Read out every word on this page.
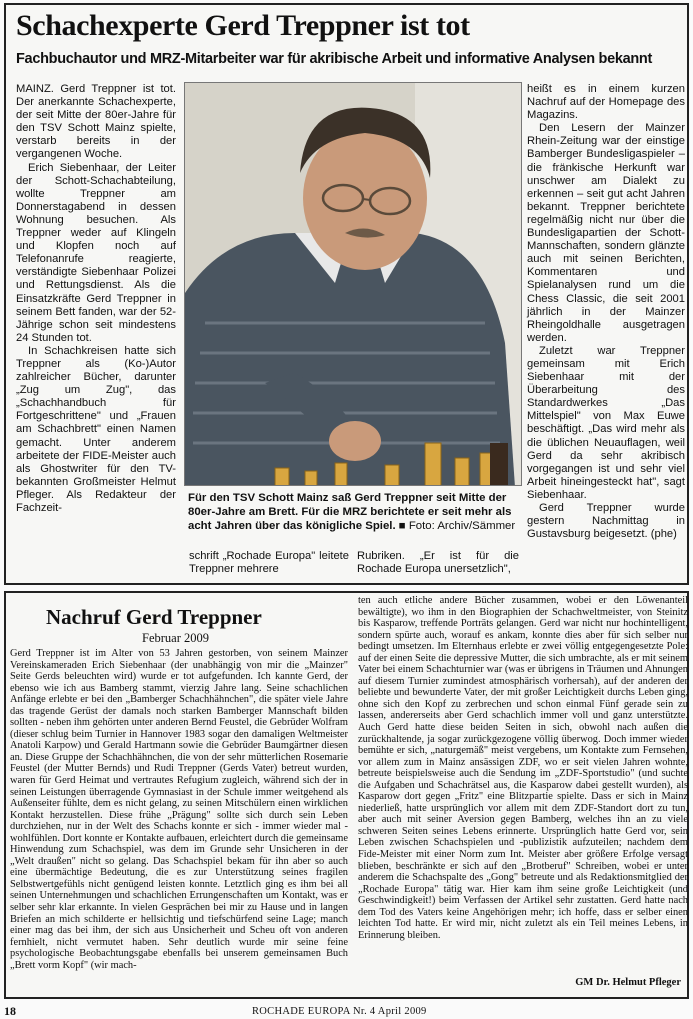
Schachexperte Gerd Treppner ist tot
Fachbuchautor und MRZ-Mitarbeiter war für akribische Arbeit und informative Analysen bekannt

MAINZ. Gerd Treppner ist tot. Der anerkannte Schachexperte, der seit Mitte der 80er-Jahre für den TSV Schott Mainz spielte, verstarb bereits in der vergangenen Woche.

Erich Siebenhaar, der Leiter der Schott-Schachabteilung, wollte Treppner am Donnerstagabend in dessen Wohnung besuchen. Als Treppner weder auf Klingeln und Klopfen noch auf Telefonanrufe reagierte, verständigte Siebenhaar Polizei und Rettungsdienst. Als die Einsatzkräfte Gerd Treppner in seinem Bett fanden, war der 52-Jährige schon seit mindestens 24 Stunden tot.

In Schachkreisen hatte sich Treppner als (Ko-)Autor zahlreicher Bücher, darunter „Zug um Zug", das „Schachhandbuch für Fortgeschrittene" und „Frauen am Schachbrett" einen Namen gemacht. Unter anderem arbeitete der FIDE-Meister auch als Ghostwriter für den TV-bekannten Großmeister Helmut Pfleger. Als Redakteur der Fachzeit-

Für den TSV Schott Mainz saß Gerd Treppner seit Mitte der 80er-Jahre am Brett. Für die MRZ berichtete er seit mehr als acht Jahren über das königliche Spiel. ■ Foto: Archiv/Sämmer
schrift „Rochade Europa" leitete Treppner mehrere
Rubriken. „Er ist für die Rochade Europa unersetzlich",

heißt es in einem kurzen Nachruf auf der Homepage des Magazins.

Den Lesern der Mainzer Rhein-Zeitung war der einstige Bamberger Bundesligaspieler – die fränkische Herkunft war unschwer am Dialekt zu erkennen – seit gut acht Jahren bekannt. Treppner berichtete regelmäßig nicht nur über die Bundesligapartien der Schott-Mannschaften, sondern glänzte auch mit seinen Berichten, Kommentaren und Spielanalysen rund um die Chess Classic, die seit 2001 jährlich in der Mainzer Rheingoldhalle ausgetragen werden.

Zuletzt war Treppner gemeinsam mit Erich Siebenhaar mit der Überarbeitung des Standardwerkes „Das Mittelspiel" von Max Euwe beschäftigt. „Das wird mehr als die üblichen Neuauflagen, weil Gerd da sehr akribisch vorgegangen ist und sehr viel Arbeit hineingesteckt hat", sagt Siebenhaar.

Gerd Treppner wurde gestern Nachmittag in Gustavsburg beigesetzt. (phe)

Nachruf Gerd Treppner
Februar 2009
Gerd Treppner ist im Alter von 53 Jahren gestorben, von seinem Mainzer Vereinskameraden Erich Siebenhaar (der unabhängig von mir die „Mainzer" Seite Gerds beleuchten wird) wurde er tot aufgefunden. Ich kannte Gerd, der ebenso wie ich aus Bamberg stammt, vierzig Jahre lang. Seine schachlichen Anfänge erlebte er bei den „Bamberger Schachhähnchen", die später viele Jahre das tragende Gerüst der damals noch starken Bamberger Mannschaft bilden sollten - neben ihm gehörten unter anderen Bernd Feustel, die Gebrüder Wolfram (dieser schlug beim Turnier in Hannover 1983 sogar den damaligen Weltmeister Anatoli Karpow) und Gerald Hartmann sowie die Gebrüder Baumgärtner diesen an. Diese Gruppe der Schachhähnchen, die von der sehr mütterlichen Rosemarie Feustel (der Mutter Bernds) und Rudi Treppner (Gerds Vater) betreut wurden, waren für Gerd Heimat und vertrautes Refugium zugleich, während sich der in seinen Leistungen überragende Gymnasiast in der Schule immer weitgehend als Außenseiter fühlte, dem es nicht gelang, zu seinen Mitschülern einen wirklichen Kontakt herzustellen. Diese frühe „Prägung" sollte sich durch sein Leben durchziehen, nur in der Welt des Schachs konnte er sich - immer wieder mal - wohlfühlen. Dort konnte er Kontakte aufbauen, erleichtert durch die gemeinsame Hinwendung zum Schachspiel, was dem im Grunde sehr Unsicheren in der „Welt draußen" nicht so gelang. Das Schachspiel bekam für ihn aber so auch eine übermächtige Bedeutung, die es zur Unterstützung seines fragilen Selbstwertgefühls nicht genügend leisten konnte. Letztlich ging es ihm bei all seinen Unternehmungen und schachlichen Errungenschaften um Kontakt, was er selber sehr klar erkannte. In vielen Gesprächen bei mir zu Hause und in langen Briefen an mich schilderte er hellsichtig und tiefschürfend seine Lage; manch einer mag das bei ihm, der sich aus Unsicherheit und Scheu oft von anderen fernhielt, nicht vermutet haben. Sehr deutlich wurde mir seine feine psychologische Beobachtungsgabe ebenfalls bei unserem gemeinsamen Buch „Brett vorm Kopf" (wir mach-
ten auch etliche andere Bücher zusammen, wobei er den Löwenanteil bewältigte), wo ihm in den Biographien der Schachweltmeister, von Steinitz bis Kasparow, treffende Porträts gelangen. Gerd war nicht nur hochintelligent, sondern spürte auch, worauf es ankam, konnte dies aber für sich selber nur bedingt umsetzen. Im Elternhaus erlebte er zwei völlig entgegengesetzte Pole: auf der einen Seite die depressive Mutter, die sich umbrachte, als er mit seinem Vater bei einem Schachturnier war (was er übrigens in Träumen und Ahnungen auf diesem Turnier zumindest atmosphärisch vorhersah), auf der anderen der beliebte und bewunderte Vater, der mit großer Leichtigkeit durchs Leben ging, ohne sich den Kopf zu zerbrechen und schon einmal Fünf gerade sein zu lassen, andererseits aber Gerd schachlich immer voll und ganz unterstützte. Auch Gerd hatte diese beiden Seiten in sich, obwohl nach außen die zurückhaltende, ja sogar zurückgezogene völlig überwog. Doch immer wieder bemühte er sich, „naturgemäß" meist vergebens, um Kontakte zum Fernsehen, vor allem zum in Mainz ansässigen ZDF, wo er seit vielen Jahren wohnte, betreute beispielsweise auch die Sendung im „ZDF-Sportstudio" (und suchte die Aufgaben und Schachrätsel aus, die Kasparow dabei gestellt wurden), als Kasparow dort gegen „Fritz" eine Blitzpartie spielte. Dass er sich in Mainz niederließ, hatte ursprünglich vor allem mit dem ZDF-Standort dort zu tun, aber auch mit seiner Aversion gegen Bamberg, welches ihn an zu viele schweren Seiten seines Lebens erinnerte. Ursprünglich hatte Gerd vor, sein Leben zwischen Schachspielen und -publizistik aufzuteilen; nachdem dem Fide-Meister mit einer Norm zum Int. Meister aber größere Erfolge versagt blieben, beschränkte er sich auf den „Brotberuf" Schreiben, wobei er unter anderem die Schachspalte des „Gong" betreute und als Redaktionsmitglied der „Rochade Europa" tätig war. Hier kam ihm seine große Leichtigkeit (und Geschwindigkeit!) beim Verfassen der Artikel sehr zustatten. Gerd hatte nach dem Tod des Vaters keine Angehörigen mehr; ich hoffe, dass er selber einen leichten Tod hatte. Er wird mir, nicht zuletzt als ein Teil meines Lebens, in Erinnerung bleiben.
GM Dr. Helmut Pfleger
18	ROCHADE EUROPA Nr. 4 April 2009
